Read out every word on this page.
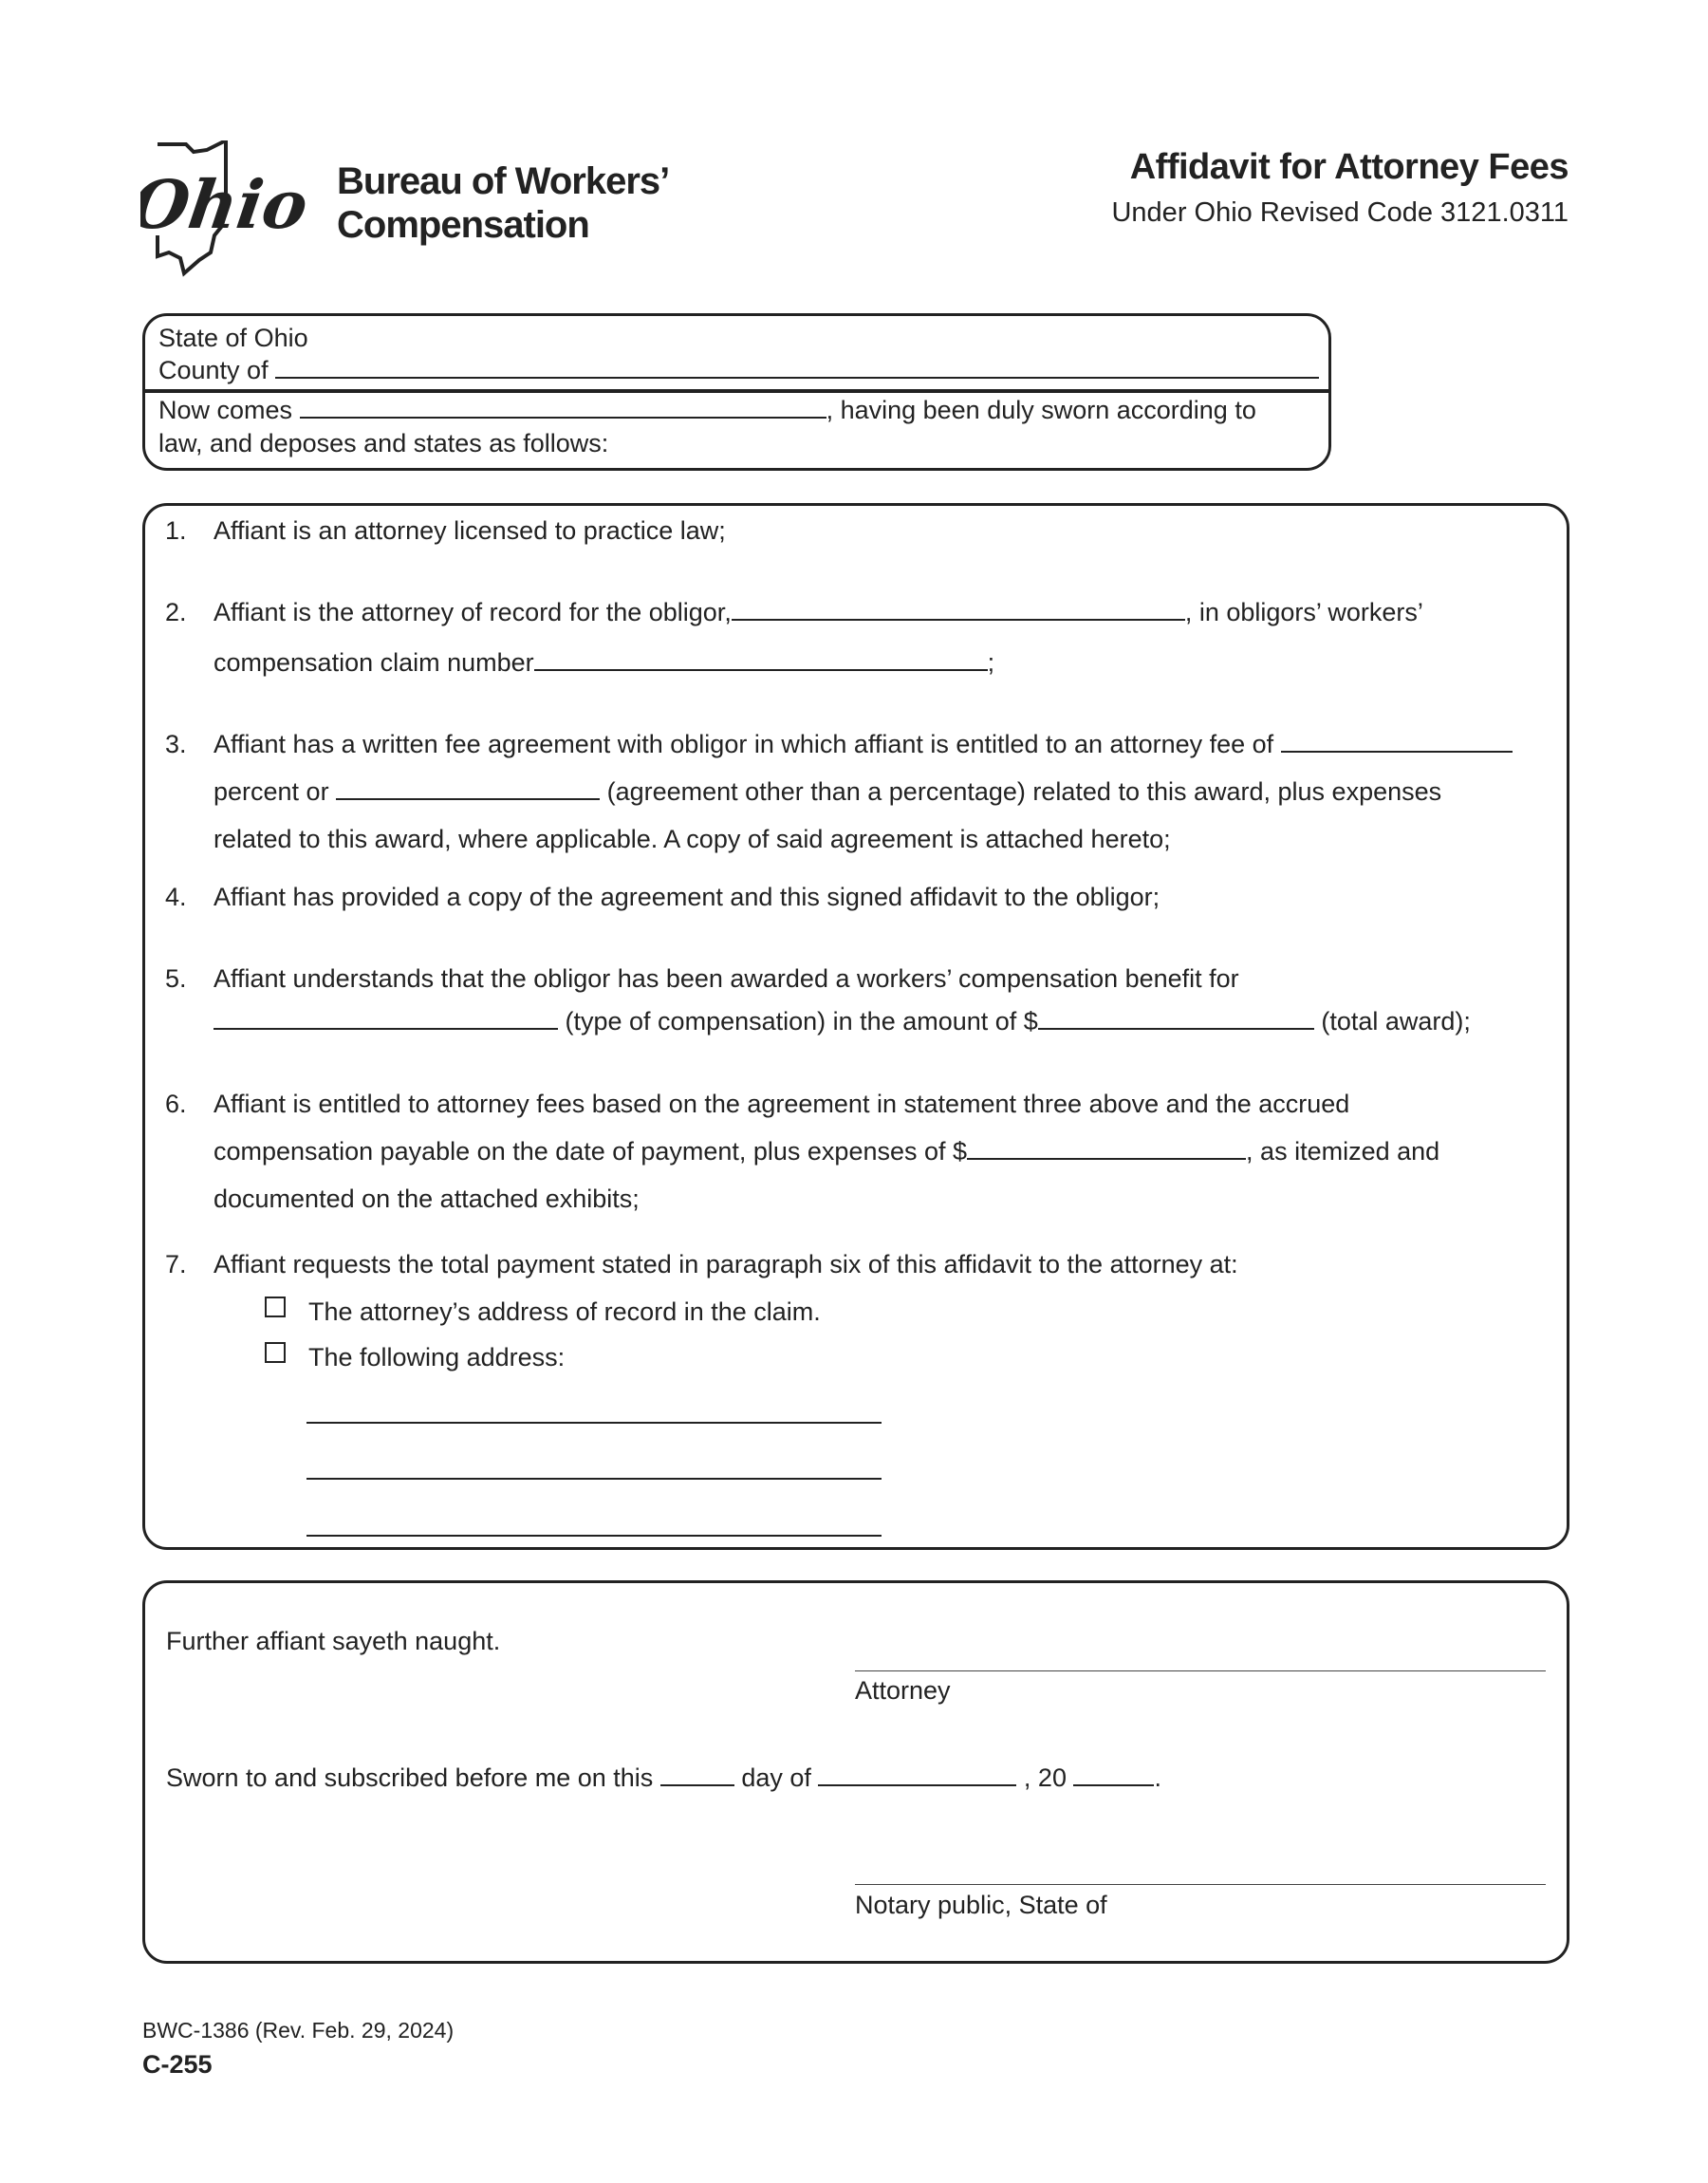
Ohio Bureau of Workers’
Compensation
Affidavit for Attorney Fees
Under Ohio Revised Code 3121.0311
State of Ohio
County of
Now comes	, having been duly sworn according to
law, and deposes and states as follows:
1. Affiant is an attorney licensed to practice law;
2. Affiant is the attorney of record for the obligor,	, in obligors’ workers’
compensation claim number	;
3. Affiant has a written fee agreement with obligor in which affiant is entitled to an attorney fee of
percent or	(agreement other than a percentage) related to this award, plus expenses
related to this award, where applicable. A copy of said agreement is attached hereto;
4. Affiant has provided a copy of the agreement and this signed affidavit to the obligor;
5. Affiant understands that the obligor has been awarded a workers’ compensation benefit for
(type of compensation) in the amount of $	(total award);
6. Affiant is entitled to attorney fees based on the agreement in statement three above and the accrued
compensation payable on the date of payment, plus expenses of $	, as itemized and
documented on the attached exhibits;
7. Affiant requests the total payment stated in paragraph six of this affidavit to the attorney at:
The attorney’s address of record in the claim.
The following address:
Further affiant sayeth naught.
Attorney
Sworn to and subscribed before me on this	day of	, 20	.
Notary public, State of
BWC-1386 (Rev. Feb. 29, 2024)
C-255
